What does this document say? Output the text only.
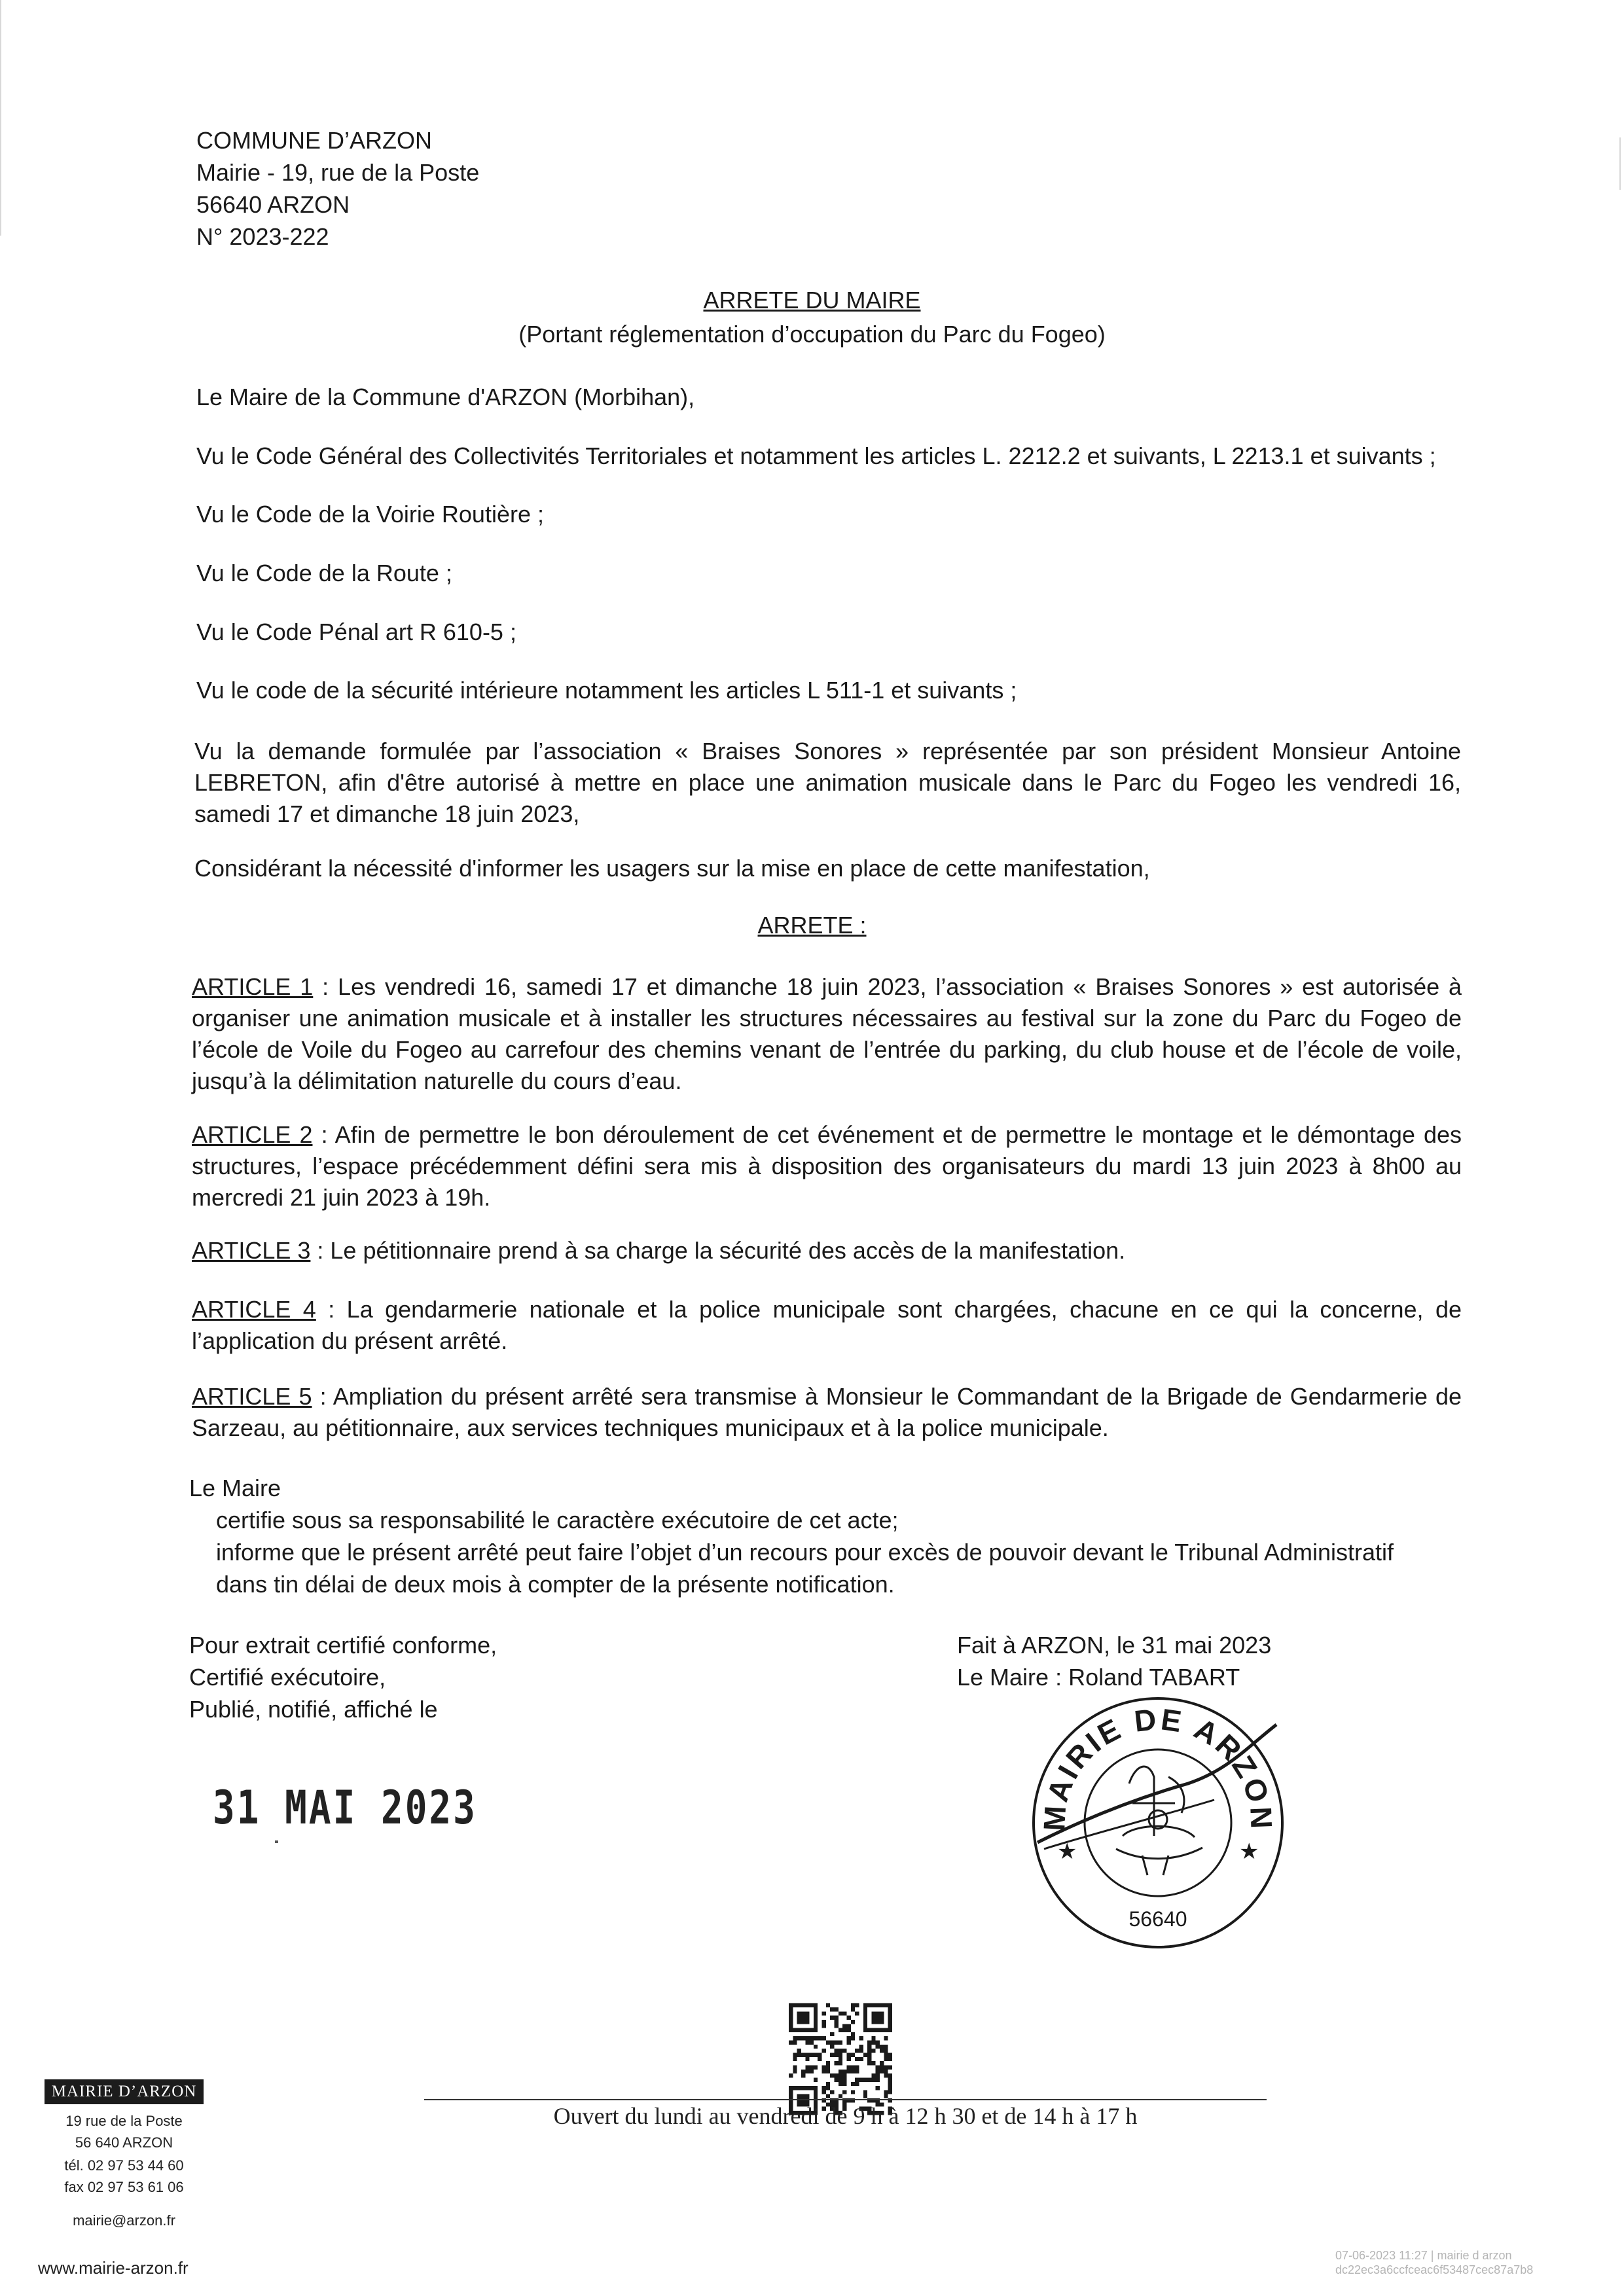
COMMUNE D’ARZON
Mairie - 19, rue de la Poste
56640 ARZON
N° 2023-222
ARRETE DU MAIRE
(Portant réglementation d’occupation du Parc du Fogeo)
Le Maire de la Commune d'ARZON (Morbihan),
Vu le Code Général des Collectivités Territoriales et notamment les articles L. 2212.2 et suivants, L 2213.1 et suivants ;
Vu le Code de la Voirie Routière ;
Vu le Code de la Route ;
Vu le Code Pénal art R 610-5 ;
Vu le code de la sécurité intérieure notamment les articles L 511-1 et suivants ;

Vu la demande formulée par l’association « Braises Sonores » représentée par son président Monsieur Antoine LEBRETON, afin d'être autorisé à mettre en place une animation musicale dans le Parc du Fogeo les vendredi 16, samedi 17 et dimanche 18 juin 2023,

Considérant la nécessité d'informer les usagers sur la mise en place de cette manifestation,
ARRETE :

ARTICLE 1 : Les vendredi 16, samedi 17 et dimanche 18 juin 2023, l’association « Braises Sonores » est autorisée à organiser une animation musicale et à installer les structures nécessaires au festival sur la zone du Parc du Fogeo de l’école de Voile du Fogeo au carrefour des chemins venant de l’entrée du parking, du club house et de l’école de voile, jusqu’à la délimitation naturelle du cours d’eau.

ARTICLE 2 : Afin de permettre le bon déroulement de cet événement et de permettre le montage et le démontage des structures, l’espace précédemment défini sera mis à disposition des organisateurs du mardi 13 juin 2023 à 8h00 au mercredi 21 juin 2023 à 19h.

ARTICLE 3 : Le pétitionnaire prend à sa charge la sécurité des accès de la manifestation.

ARTICLE 4 : La gendarmerie nationale et la police municipale sont chargées, chacune en ce qui la concerne, de l’application du présent arrêté.

ARTICLE 5 : Ampliation du présent arrêté sera transmise à Monsieur le Commandant de la Brigade de Gendarmerie de Sarzeau, au pétitionnaire, aux services techniques municipaux et à la police municipale.

Le Maire
certifie sous sa responsabilité le caractère exécutoire de cet acte;
informe que le présent arrêté peut faire l’objet d’un recours pour excès de pouvoir devant le Tribunal Administratif
dans tin délai de deux mois à compter de la présente notification.
Pour extrait certifié conforme,
Certifié exécutoire,
Publié, notifié, affiché le
Fait à ARZON, le 31 mai 2023
Le Maire : Roland TABART
31 MAI 2023	MAIRIE DE ARZON
★	★
56640
Ouvert du lundi au vendredi de 9 h à 12 h 30 et de 14 h à 17 h
MAIRIE D’ARZON
19 rue de la Poste
56 640 ARZON
tél. 02 97 53 44 60
fax 02 97 53 61 06
mairie@arzon.fr
www.mairie-arzon.fr
07-06-2023 11:27 | mairie d arzon
dc22ec3a6ccfceac6f53487cec87a7b8
